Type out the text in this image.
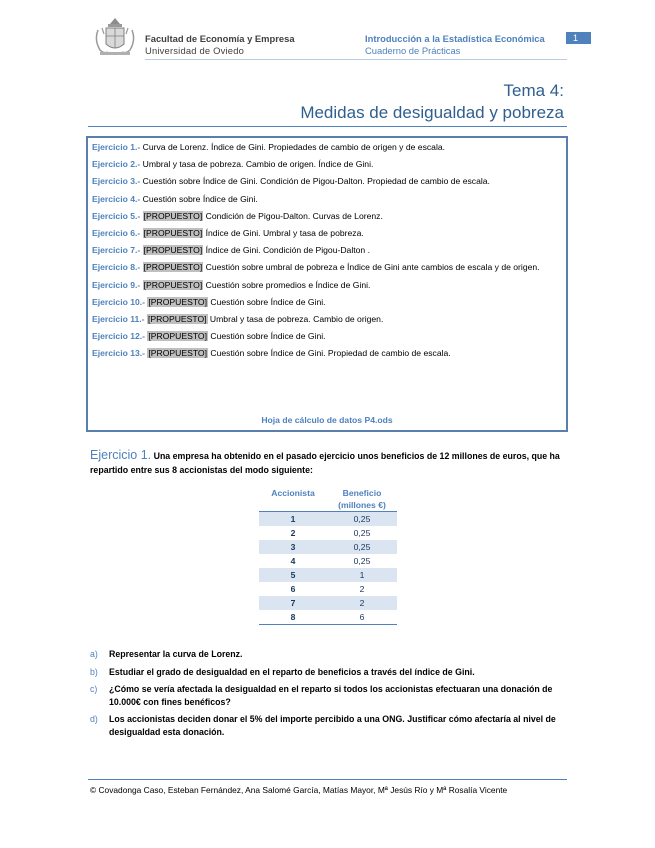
Facultad de Economía y Empresa
Universidad de Oviedo
Introducción a la Estadística Económica
Cuaderno de Prácticas
1
Tema 4:
Medidas de desigualdad y pobreza
Ejercicio 1.- Curva de Lorenz. Índice de Gini. Propiedades de cambio de origen y de escala.
Ejercicio 2.- Umbral y tasa de pobreza. Cambio de origen. Índice de Gini.
Ejercicio 3.- Cuestión sobre Índice de Gini. Condición de Pigou-Dalton. Propiedad de cambio de escala.
Ejercicio 4.- Cuestión sobre Índice de Gini.
Ejercicio 5.- [PROPUESTO] Condición de Pigou-Dalton. Curvas de Lorenz.
Ejercicio 6.- [PROPUESTO] Índice de Gini. Umbral y tasa de pobreza.
Ejercicio 7.- [PROPUESTO] Índice de Gini. Condición de Pigou-Dalton .
Ejercicio 8.- [PROPUESTO] Cuestión sobre umbral de pobreza e Índice de Gini ante cambios de escala y de origen.
Ejercicio 9.- [PROPUESTO] Cuestión sobre promedios e Índice de Gini.
Ejercicio 10.- [PROPUESTO] Cuestión sobre Índice de Gini.
Ejercicio 11.- [PROPUESTO] Umbral y tasa de pobreza. Cambio de origen.
Ejercicio 12.- [PROPUESTO] Cuestión sobre Índice de Gini.
Ejercicio 13.- [PROPUESTO] Cuestión sobre Índice de Gini. Propiedad de cambio de escala.
Hoja de cálculo de datos P4.ods
Ejercicio 1. Una empresa ha obtenido en el pasado ejercicio unos beneficios de 12 millones de euros, que ha repartido entre sus 8 accionistas del modo siguiente:
Accionista	Beneficio (millones €)
1	0,25
2	0,25
3	0,25
4	0,25
5	1
6	2
7	2
8	6
a) Representar la curva de Lorenz.
b) Estudiar el grado de desigualdad en el reparto de beneficios a través del índice de Gini.
c) ¿Cómo se vería afectada la desigualdad en el reparto si todos los accionistas efectuaran una donación de 10.000€ con fines benéficos?
d) Los accionistas deciden donar el 5% del importe percibido a una ONG. Justificar cómo afectaría al nivel de desigualdad esta donación.
© Covadonga Caso, Esteban Fernández, Ana Salomé García, Matías Mayor, Mª Jesús Río y Mª Rosalía Vicente
